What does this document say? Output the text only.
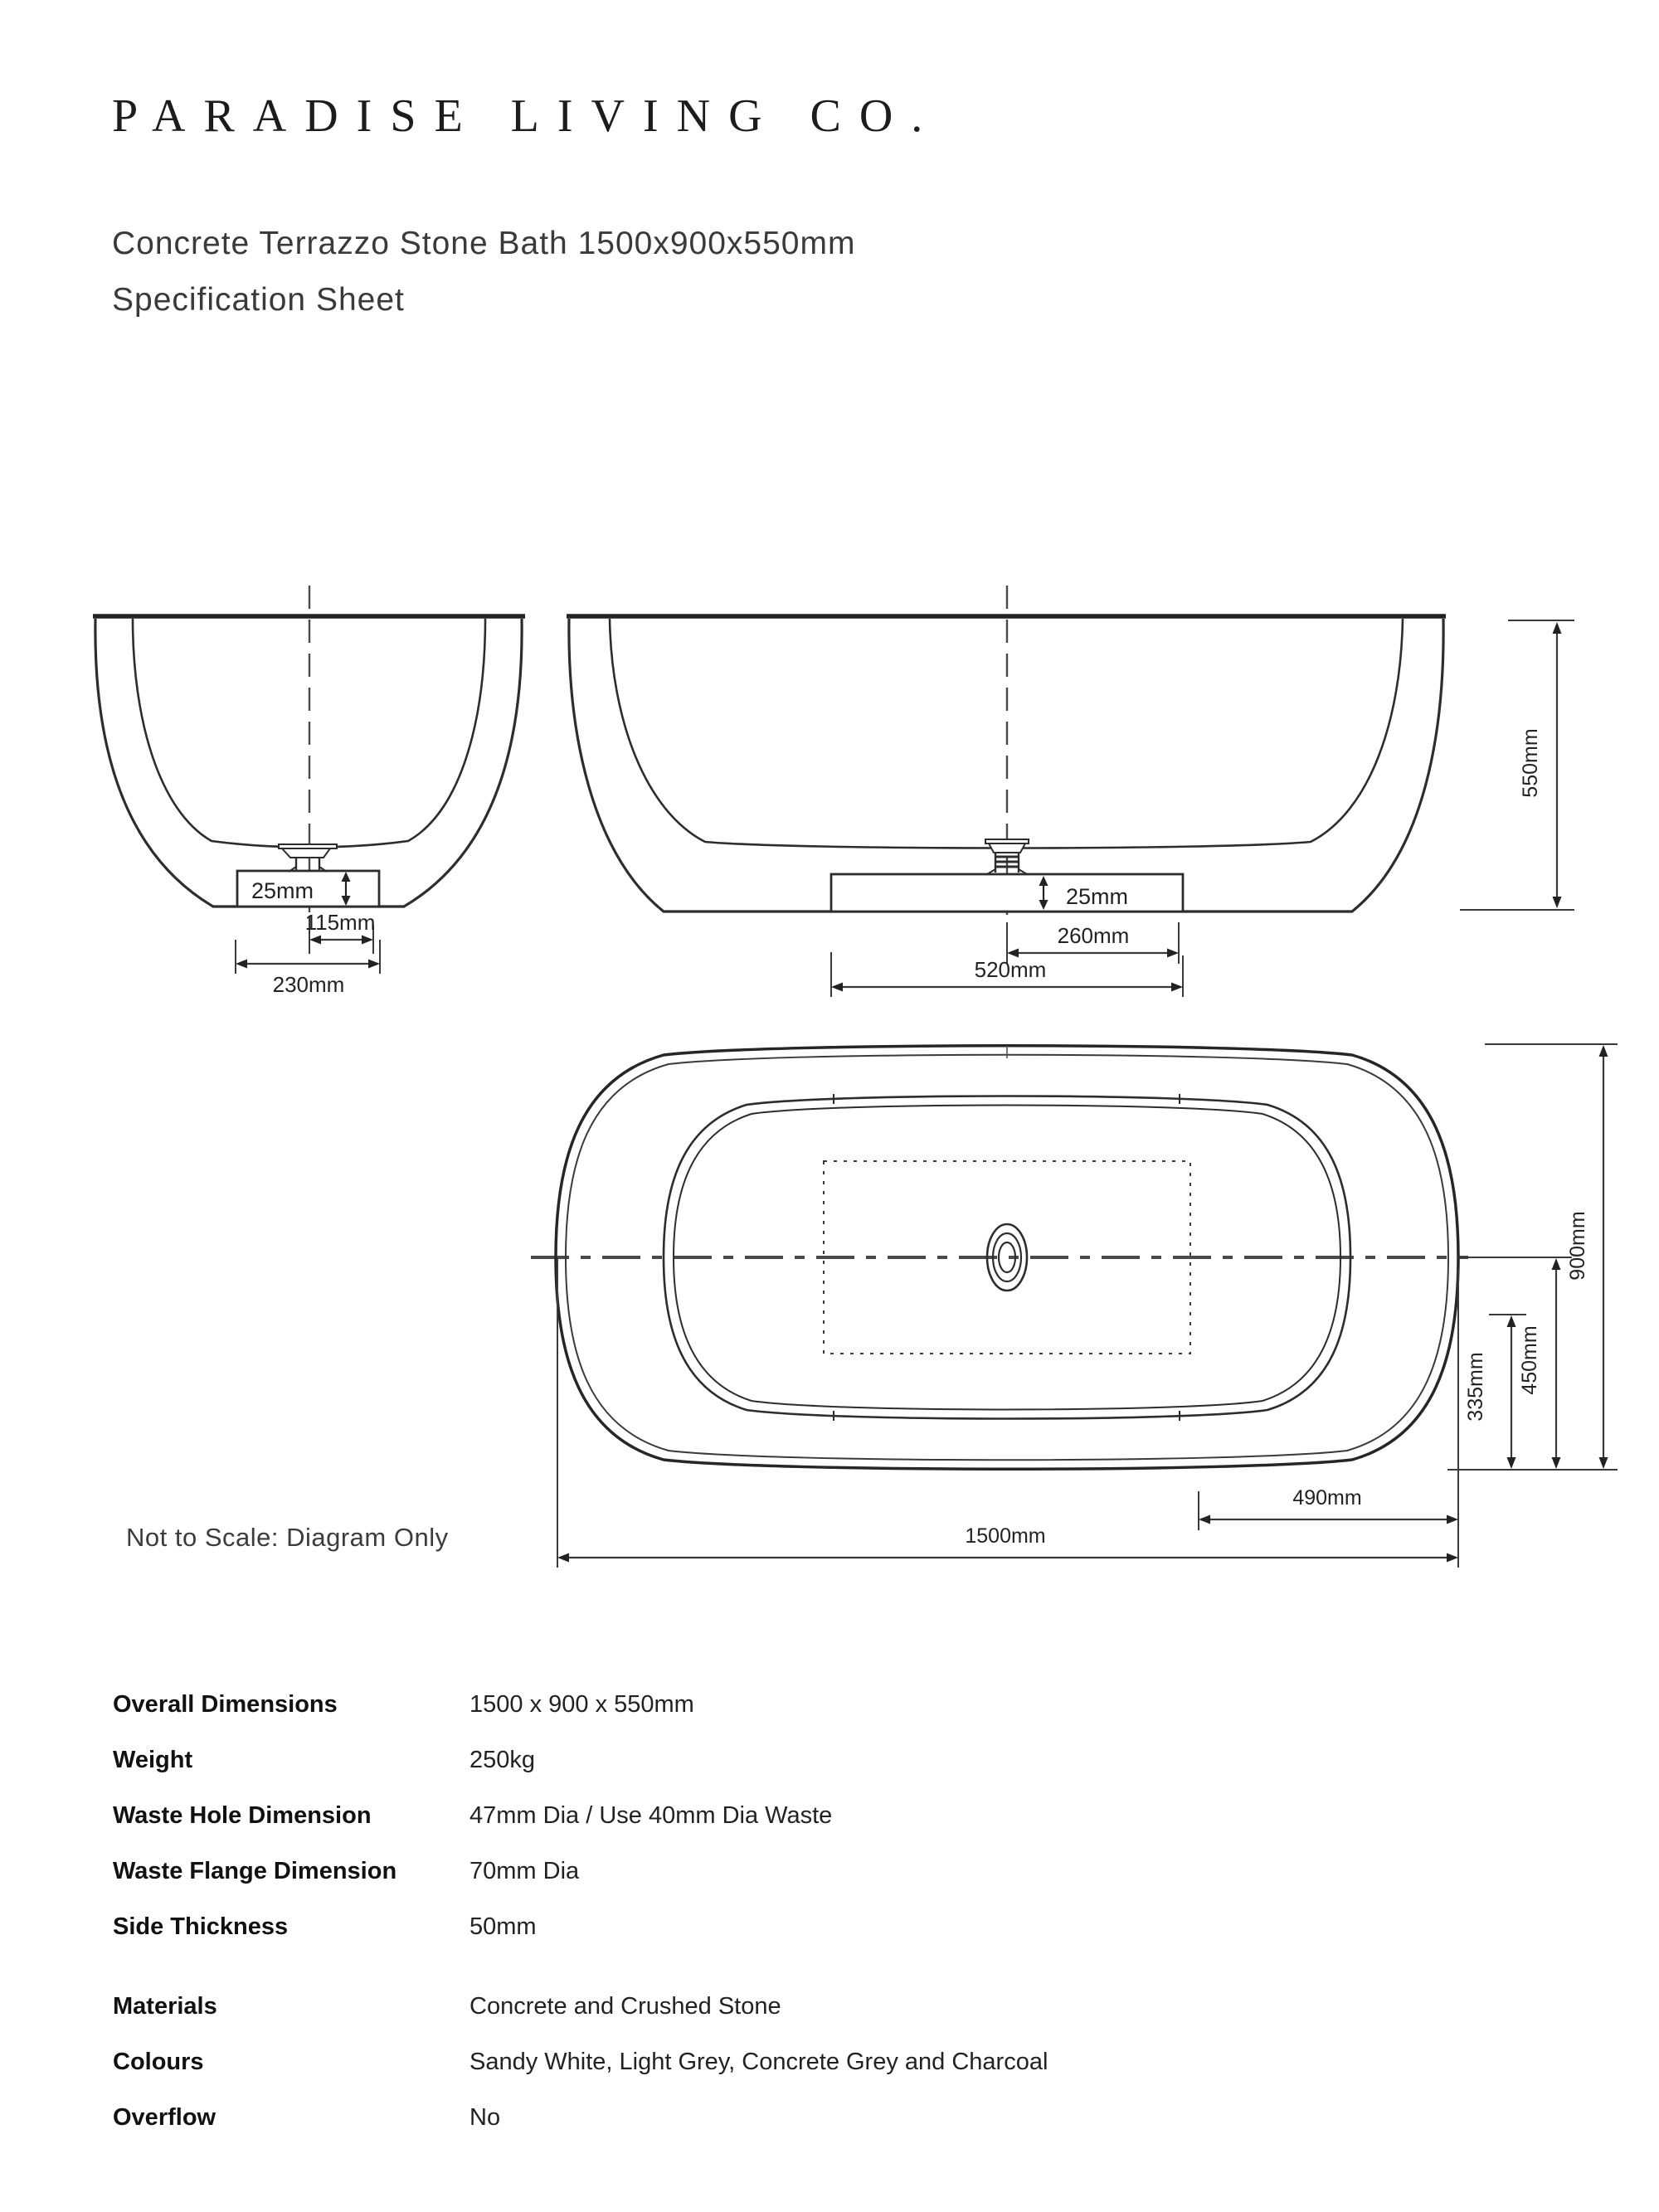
PARADISE LIVING CO.
Concrete Terrazzo Stone Bath 1500x900x550mm
Specification Sheet
25mm
115mm
230mm
25mm
260mm
520mm
550mm
900mm
450mm
335mm
490mm
1500mm
Not to Scale: Diagram Only
Overall Dimensions	1500 x 900 x 550mm
Weight	250kg
Waste Hole Dimension	47mm Dia / Use 40mm Dia Waste
Waste Flange Dimension	70mm Dia
Side Thickness	50mm
Materials	Concrete and Crushed Stone
Colours	Sandy White, Light Grey, Concrete Grey and Charcoal
Overflow	No
